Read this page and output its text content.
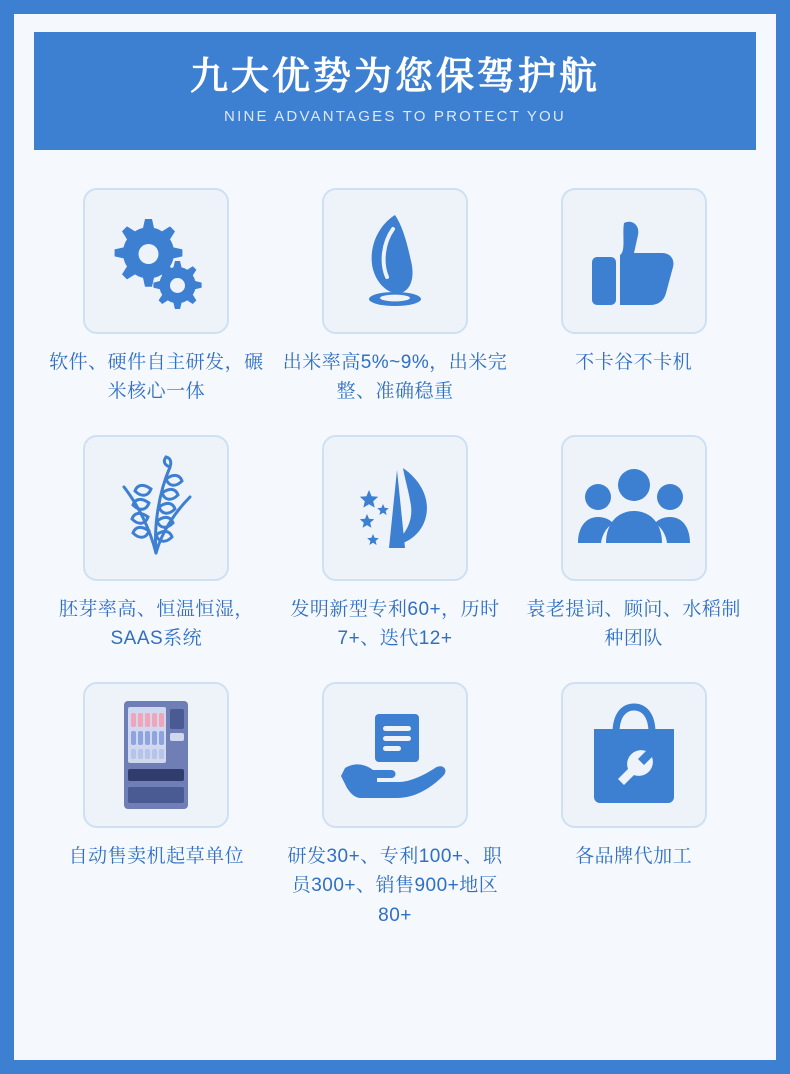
九大优势为您保驾护航
NINE ADVANTAGES TO PROTECT YOU
软件、硬件自主研发，碾米核心一体
出米率高5%~9%，出米完整、准确稳重
不卡谷不卡机
胚芽率高、恒温恒湿，SAAS系统
发明新型专利60+，历时7+、迭代12+
袁老提词、顾问、水稻制种团队
自动售卖机起草单位	研发30+、专利100+、职员300+、销售900+地区80+
各品牌代加工
